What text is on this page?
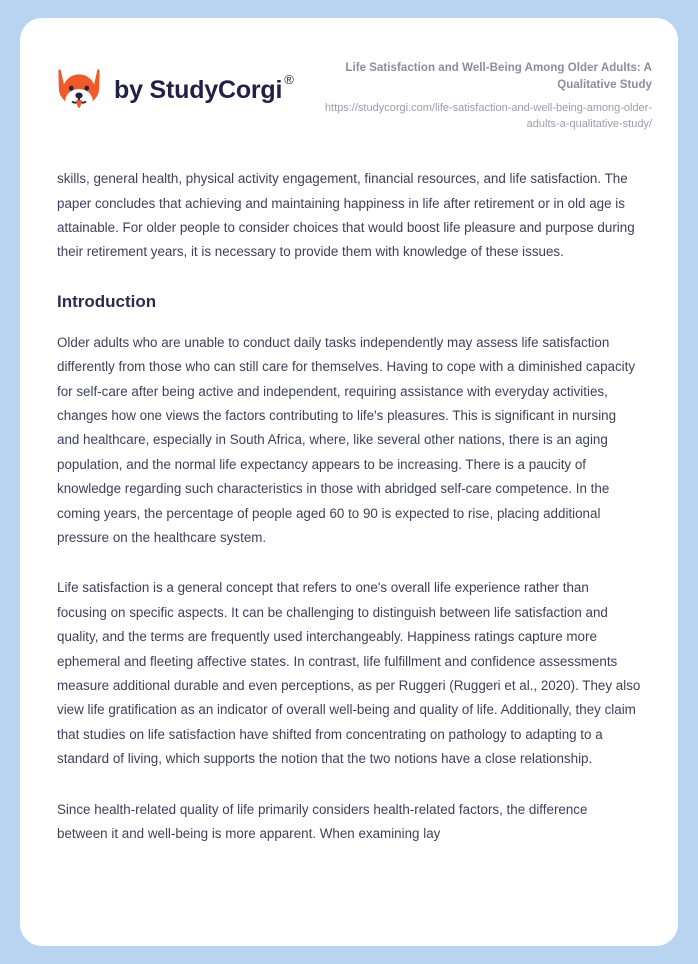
by StudyCorgi ®

Life Satisfaction and Well-Being Among Older Adults: A Qualitative Study

https://studycorgi.com/life-satisfaction-and-well-being-among-older-adults-a-qualitative-study/

skills, general health, physical activity engagement, financial resources, and life satisfaction. The paper concludes that achieving and maintaining happiness in life after retirement or in old age is attainable. For older people to consider choices that would boost life pleasure and purpose during their retirement years, it is necessary to provide them with knowledge of these issues.

Introduction

Older adults who are unable to conduct daily tasks independently may assess life satisfaction differently from those who can still care for themselves. Having to cope with a diminished capacity for self-care after being active and independent, requiring assistance with everyday activities, changes how one views the factors contributing to life's pleasures. This is significant in nursing and healthcare, especially in South Africa, where, like several other nations, there is an aging population, and the normal life expectancy appears to be increasing. There is a paucity of knowledge regarding such characteristics in those with abridged self-care competence. In the coming years, the percentage of people aged 60 to 90 is expected to rise, placing additional pressure on the healthcare system.

Life satisfaction is a general concept that refers to one's overall life experience rather than focusing on specific aspects. It can be challenging to distinguish between life satisfaction and quality, and the terms are frequently used interchangeably. Happiness ratings capture more ephemeral and fleeting affective states. In contrast, life fulfillment and confidence assessments measure additional durable and even perceptions, as per Ruggeri (Ruggeri et al., 2020). They also view life gratification as an indicator of overall well-being and quality of life. Additionally, they claim that studies on life satisfaction have shifted from concentrating on pathology to adapting to a standard of living, which supports the notion that the two notions have a close relationship.

Since health-related quality of life primarily considers health-related factors, the difference between it and well-being is more apparent. When examining lay
